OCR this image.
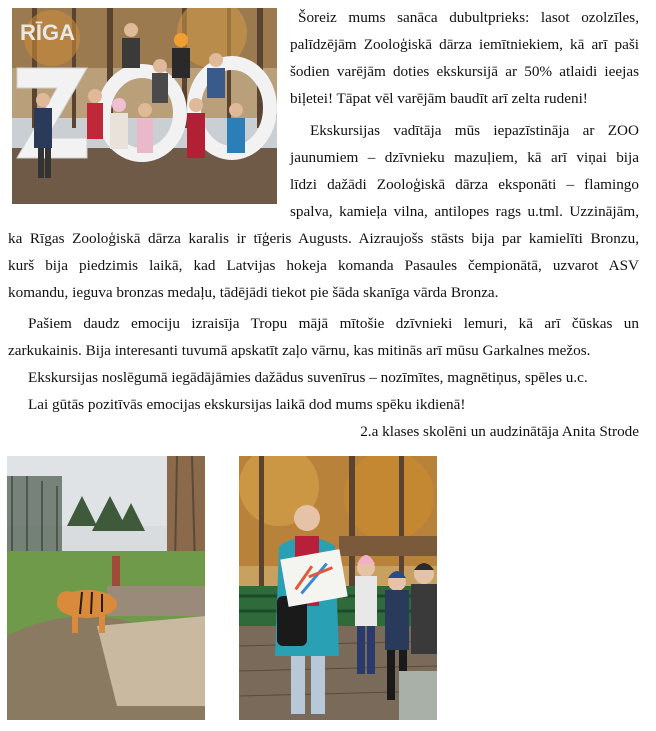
RĪGA

Šoreiz mums sanāca dubultprieks: lasot ozolzīles,

palīdzējām Zooloģiskā dārza iemītniekiem, kā arī paši

šodien varējām doties ekskursijā ar 50% atlaidi ieejas

biļetei! Tāpat vēl varējām baudīt arī zelta rudeni!

Ekskursijas vadītāja mūs iepazīstināja ar ZOO

jaunumiem – dzīvnieku mazuļiem, kā arī viņai bija

līdzi dažādi Zooloģiskā dārza eksponāti – flamingo

spalva, kamieļa vilna, antilopes rags u.tml. Uzzinājām,

ka Rīgas Zooloģiskā dārza karalis ir tīģeris Augusts. Aizraujošs stāsts bija par kamielīti Bronzu,

kurš bija piedzimis laikā, kad Latvijas hokeja komanda Pasaules čempionātā, uzvarot ASV

komandu, ieguva bronzas medaļu, tādējādi tiekot pie šāda skanīga vārda Bronza.

Pašiem daudz emociju izraisīja Tropu mājā mītošie dzīvnieki lemuri, kā arī čūskas un

zarkukainis. Bija interesanti tuvumā apskatīt zaļo vārnu, kas mitinās arī mūsu Garkalnes mežos.

Ekskursijas noslēgumā iegādājāmies dažādus suvenīrus – nozīmītes, magnētiņus, spēles u.c.

Lai gūtās pozitīvās emocijas ekskursijas laikā dod mums spēku ikdienā!

2.a klases skolēni un audzinātāja Anita Strode
